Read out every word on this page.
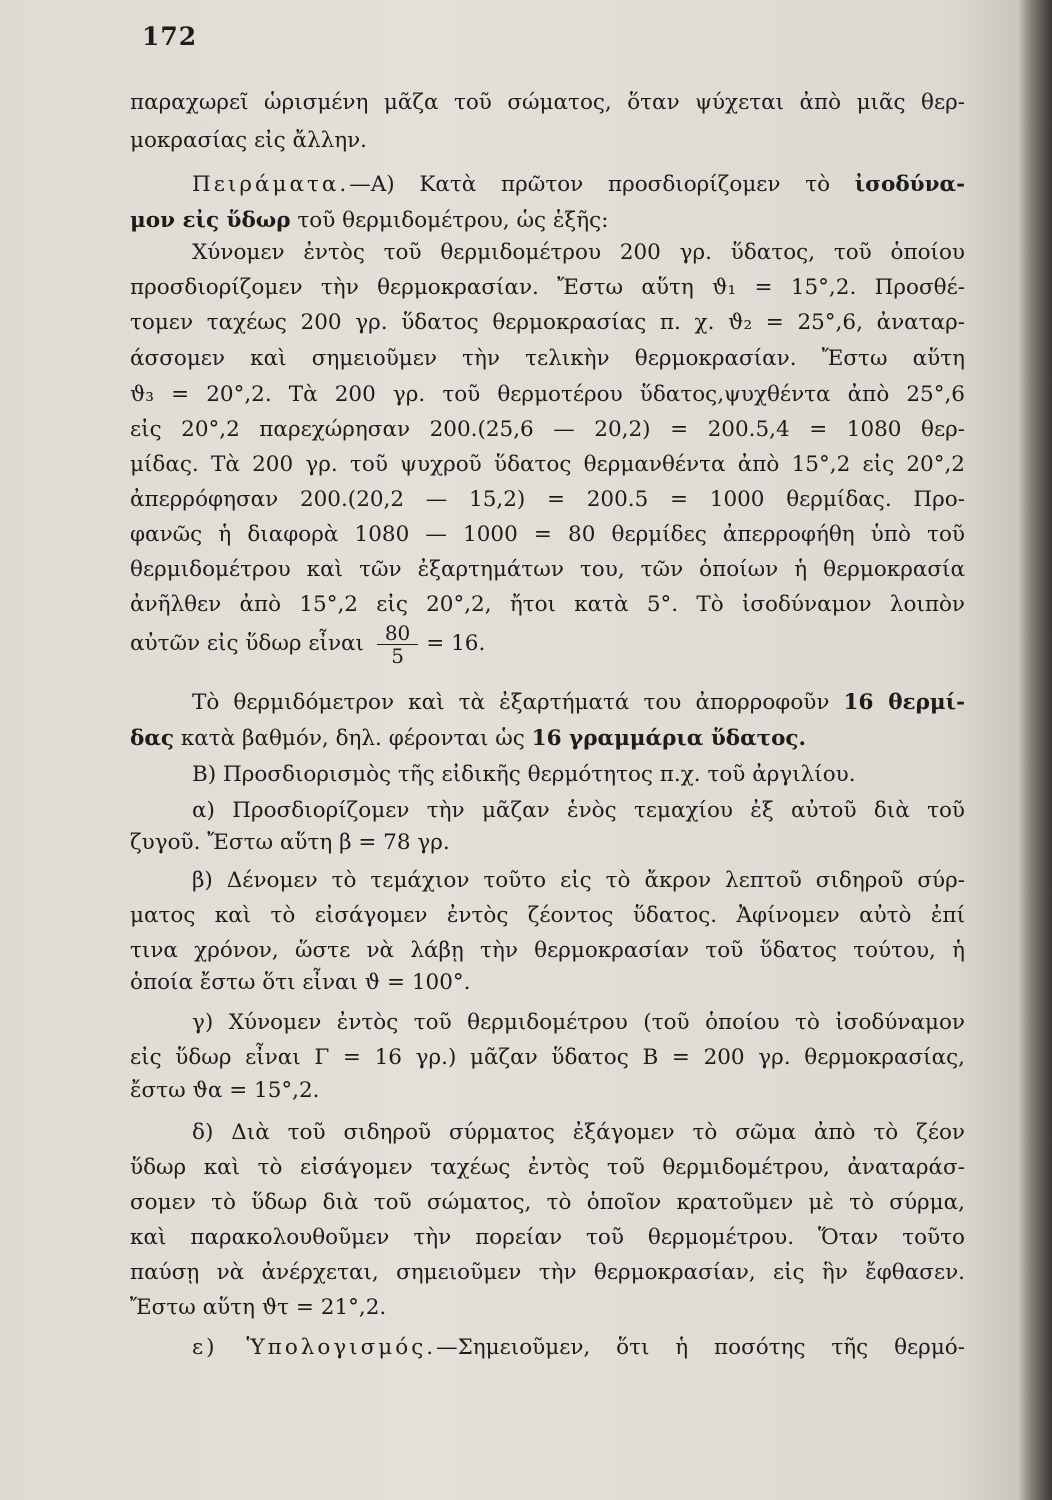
172
παραχωρεῖ ὡρισμένη μᾶζα τοῦ σώματος, ὅταν ψύχεται ἀπὸ μιᾶς θερ-
μοκρασίας εἰς ἄλλην.
Πειράματα.—Α) Κατὰ πρῶτον προσδιορίζομεν τὸ ἰσοδύνα-
μον εἰς ὕδωρ τοῦ θερμιδομέτρου, ὡς ἑξῆς:
Χύνομεν ἐντὸς τοῦ θερμιδομέτρου 200 γρ. ὕδατος, τοῦ ὁποίου
προσδιορίζομεν τὴν θερμοκρασίαν. Ἔστω αὕτη ϑ₁ = 15°,2. Προσθέ-
τομεν ταχέως 200 γρ. ὕδατος θερμοκρασίας π. χ. ϑ₂ = 25°,6, ἀναταρ-
άσσομεν καὶ σημειοῦμεν τὴν τελικὴν θερμοκρασίαν. Ἔστω αὕτη
ϑ₃ = 20°,2. Τὰ 200 γρ. τοῦ θερμοτέρου ὕδατος,ψυχθέντα ἀπὸ 25°,6
εἰς 20°,2 παρεχώρησαν 200.(25,6 — 20,2) = 200.5,4 = 1080 θερ-
μίδας. Τὰ 200 γρ. τοῦ ψυχροῦ ὕδατος θερμανθέντα ἀπὸ 15°,2 εἰς 20°,2
ἀπερρόφησαν 200.(20,2 — 15,2) = 200.5 = 1000 θερμίδας. Προ-
φανῶς ἡ διαφορὰ 1080 — 1000 = 80 θερμίδες ἀπερροφήθη ὑπὸ τοῦ
θερμιδομέτρου καὶ τῶν ἐξαρτημάτων του, τῶν ὁποίων ἡ θερμοκρασία
ἀνῆλθεν ἀπὸ 15°,2 εἰς 20°,2, ἤτοι κατὰ 5°. Τὸ ἰσοδύναμον λοιπὸν
αὐτῶν εἰς ὕδωρ εἶναι $\frac{80}{5} = 16$.
Τὸ θερμιδόμετρον καὶ τὰ ἐξαρτήματά του ἀπορροφοῦν 16 θερμί-
δας κατὰ βαθμόν, δηλ. φέρονται ὡς 16 γραμμάρια ὕδατος.
Β) Προσδιορισμὸς τῆς εἰδικῆς θερμότητος π.χ. τοῦ ἀργιλίου.
α) Προσδιορίζομεν τὴν μᾶζαν ἑνὸς τεμαχίου ἐξ αὐτοῦ διὰ τοῦ
ζυγοῦ. Ἔστω αὕτη β = 78 γρ.
β) Δένομεν τὸ τεμάχιον τοῦτο εἰς τὸ ἄκρον λεπτοῦ σιδηροῦ σύρ-
ματος καὶ τὸ εἰσάγομεν ἐντὸς ζέοντος ὕδατος. Ἀφίνομεν αὐτὸ ἐπί
τινα χρόνον, ὥστε νὰ λάβῃ τὴν θερμοκρασίαν τοῦ ὕδατος τούτου, ἡ
ὁποία ἔστω ὅτι εἶναι ϑ = 100°.
γ) Χύνομεν ἐντὸς τοῦ θερμιδομέτρου (τοῦ ὁποίου τὸ ἰσοδύναμον
εἰς ὕδωρ εἶναι Γ = 16 γρ.) μᾶζαν ὕδατος Β = 200 γρ. θερμοκρασίας,
ἔστω ϑα = 15°,2.
δ) Διὰ τοῦ σιδηροῦ σύρματος ἐξάγομεν τὸ σῶμα ἀπὸ τὸ ζέον
ὕδωρ καὶ τὸ εἰσάγομεν ταχέως ἐντὸς τοῦ θερμιδομέτρου, ἀναταράσ-
σομεν τὸ ὕδωρ διὰ τοῦ σώματος, τὸ ὁποῖον κρατοῦμεν μὲ τὸ σύρμα,
καὶ παρακολουθοῦμεν τὴν πορείαν τοῦ θερμομέτρου. Ὅταν τοῦτο
παύσῃ νὰ ἀνέρχεται, σημειοῦμεν τὴν θερμοκρασίαν, εἰς ἣν ἔφθασεν.
Ἔστω αὕτη ϑτ = 21°,2.
ε) Ὑπολογισμός.—Σημειοῦμεν, ὅτι ἡ ποσότης τῆς θερμό-
